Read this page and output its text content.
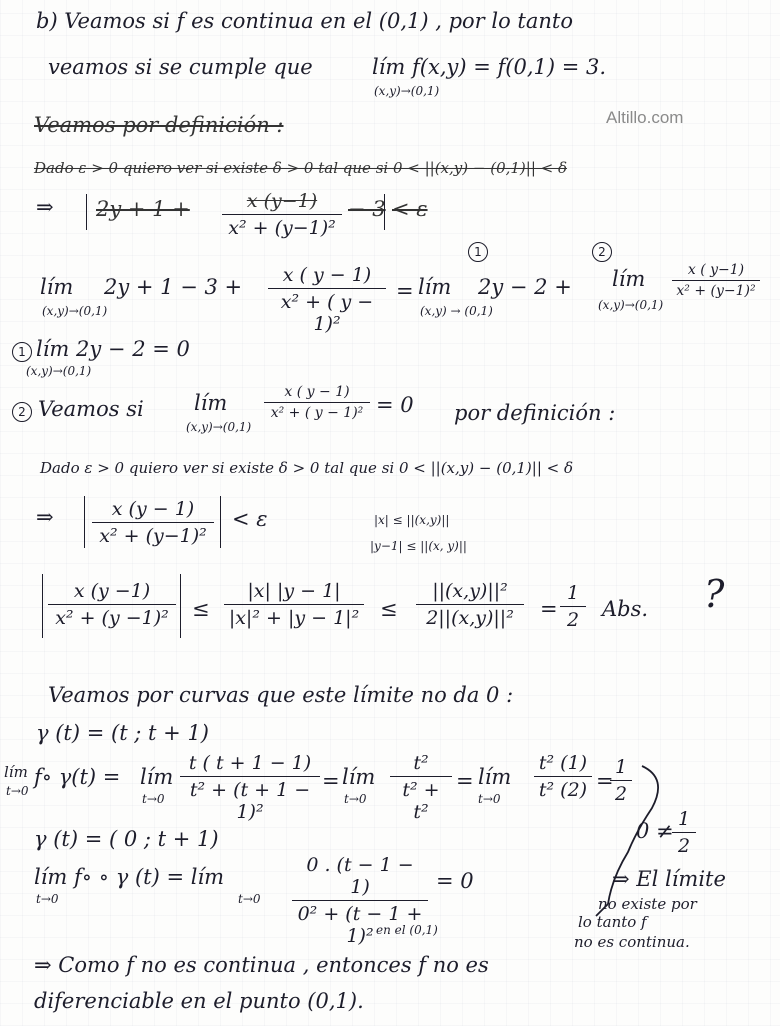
Altillo.com
b) Veamos si f es continua en el (0,1) , por lo tanto
veamos si se cumple que	lím f(x,y) = f(0,1) = 3.
(x,y)→(0,1)
Veamos por definición :
Dado ε > 0 quiero ver si existe δ > 0 tal que si 0 < ||(x,y) − (0,1)|| < δ
⇒ 2y + 1 +	x (y−1)
x² + (y−1)²
− 3 < ε
1	2
lím
(x,y)→(0,1)
2y + 1 − 3 +	x ( y − 1)
x² + ( y − 1)²
= lím
(x,y) → (0,1)
2y − 2 + lím
(x,y)→(0,1)
x ( y−1)
x² + (y−1)²
1 lím 2y − 2 = 0
(x,y)→(0,1)
2 Veamos si lím
(x,y)→(0,1)
x ( y − 1)
x² + ( y − 1)² = 0 por definición :
Dado ε > 0 quiero ver si existe δ > 0 tal que si 0 < ||(x,y) − (0,1)|| < δ
⇒	x (y − 1)
x² + (y−1)²
< ε	|x| ≤ ||(x,y)||
|y−1| ≤ ||(x, y)||
x (y −1)
x² + (y −1)²	≤
|x| |y − 1|
|x|² + |y − 1|² ≤
||(x,y)||²
2||(x,y)||²	=
1
2	Abs. ?
Veamos por curvas que este límite no da 0 :
γ (t) = (t ; t + 1)
lím
t→0
f∘ γ(t) = lím
t→0
t ( t + 1 − 1)
t² + (t + 1 − 1)²
= lím
t→0
t²
t² + t²
= lím
t→0
t² (1)
t² (2) =
1
2
γ (t) = ( 0 ; t + 1)
lím f∘ ∘ γ (t) = lím
t→0	t→0
0 . (t − 1 − 1)
0² + (t − 1 + 1)²
= 0
0 ≠ 1
2
⇒ El límite
no existe por
lo tanto f
no es continua.
en el (0,1)
⇒ Como f no es continua , entonces f no es
diferenciable en el punto (0,1).
